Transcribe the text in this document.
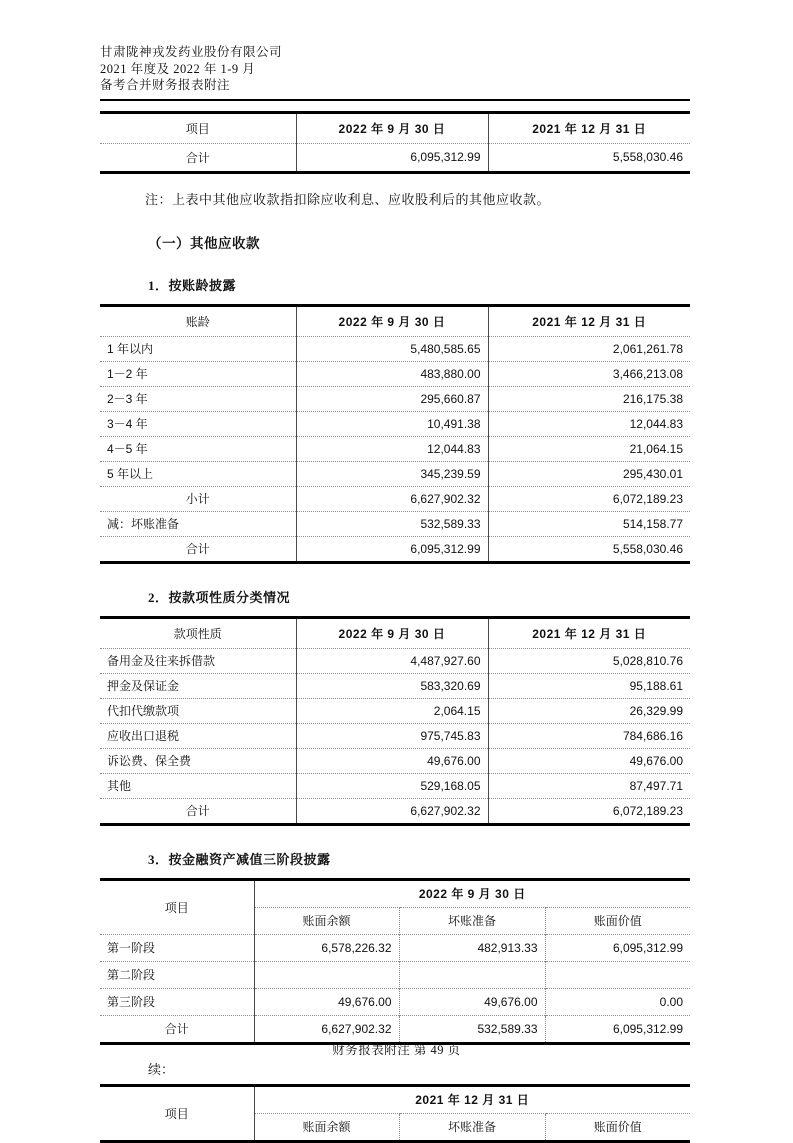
甘肃陇神戎发药业股份有限公司
2021 年度及 2022 年 1-9 月
备考合并财务报表附注
项目	2022 年 9 月 30 日	2021 年 12 月 31 日
合计	6,095,312.99	5,558,030.46

注：上表中其他应收款指扣除应收利息、应收股利后的其他应收款。

（一）其他应收款
1．按账龄披露
账龄	2022 年 9 月 30 日	2021 年 12 月 31 日
1 年以内	5,480,585.65	2,061,261.78
1－2 年	483,880.00	3,466,213.08
2－3 年	295,660.87	216,175.38
3－4 年	10,491.38	12,044.83
4－5 年	12,044.83	21,064.15
5 年以上	345,239.59	295,430.01
小计	6,627,902.32	6,072,189.23
减：坏账准备	532,589.33	514,158.77
合计	6,095,312.99	5,558,030.46
2．按款项性质分类情况
款项性质	2022 年 9 月 30 日	2021 年 12 月 31 日
备用金及往来拆借款	4,487,927.60	5,028,810.76
押金及保证金	583,320.69	95,188.61
代扣代缴款项	2,064.15	26,329.99
应收出口退税	975,745.83	784,686.16
诉讼费、保全费	49,676.00	49,676.00
其他	529,168.05	87,497.71
合计	6,627,902.32	6,072,189.23
3．按金融资产减值三阶段披露
项目	2022 年 9 月 30 日		
	账面余额	坏账准备	账面价值
第一阶段	6,578,226.32	482,913.33	6,095,312.99
第二阶段			
第三阶段	49,676.00	49,676.00	0.00
合计	6,627,902.32	532,589.33	6,095,312.99

续：

项目	2021 年 12 月 31 日		
	账面余额	坏账准备	账面价值
财务报表附注 第 49 页
